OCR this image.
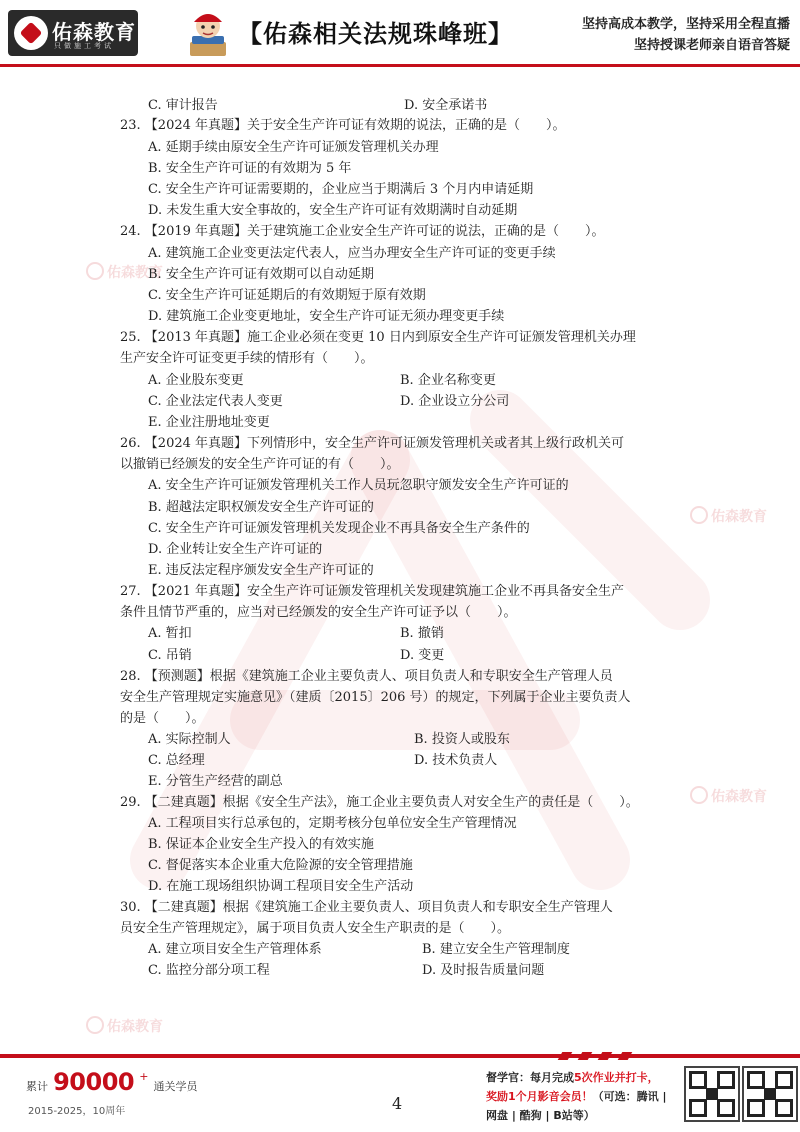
佑森教育
只做施工考试	【佑森相关法规珠峰班】	坚持高成本教学，坚持采用全程直播
坚持授课老师亲自语音答疑
佑森教育
佑森教育
佑森教育
佑森教育
C. 审计报告	D. 安全承诺书
23. 【2024 年真题】关于安全生产许可证有效期的说法，正确的是（　　）。
A. 延期手续由原安全生产许可证颁发管理机关办理
B. 安全生产许可证的有效期为 5 年
C. 安全生产许可证需要期的，企业应当于期满后 3 个月内申请延期
D. 未发生重大安全事故的，安全生产许可证有效期满时自动延期
24. 【2019 年真题】关于建筑施工企业安全生产许可证的说法，正确的是（　　）。
A. 建筑施工企业变更法定代表人，应当办理安全生产许可证的变更手续
B. 安全生产许可证有效期可以自动延期
C. 安全生产许可证延期后的有效期短于原有效期
D. 建筑施工企业变更地址，安全生产许可证无须办理变更手续
25. 【2013 年真题】施工企业必须在变更 10 日内到原安全生产许可证颁发管理机关办理
生产安全许可证变更手续的情形有（　　）。
A. 企业股东变更	B. 企业名称变更
C. 企业法定代表人变更	D. 企业设立分公司
E. 企业注册地址变更
26. 【2024 年真题】下列情形中，安全生产许可证颁发管理机关或者其上级行政机关可
以撤销已经颁发的安全生产许可证的有（　　）。
A. 安全生产许可证颁发管理机关工作人员玩忽职守颁发安全生产许可证的
B. 超越法定职权颁发安全生产许可证的
C. 安全生产许可证颁发管理机关发现企业不再具备安全生产条件的
D. 企业转让安全生产许可证的
E. 违反法定程序颁发安全生产许可证的
27. 【2021 年真题】安全生产许可证颁发管理机关发现建筑施工企业不再具备安全生产
条件且情节严重的，应当对已经颁发的安全生产许可证予以（　　）。
A. 暂扣	B. 撤销
C. 吊销	D. 变更
28. 【预测题】根据《建筑施工企业主要负责人、项目负责人和专职安全生产管理人员
安全生产管理规定实施意见》（建质〔2015〕206 号）的规定，下列属于企业主要负责人
的是（　　）。
A. 实际控制人	B. 投资人或股东
C. 总经理	D. 技术负责人
E. 分管生产经营的副总
29. 【二建真题】根据《安全生产法》，施工企业主要负责人对安全生产的责任是（　　）。
A. 工程项目实行总承包的，定期考核分包单位安全生产管理情况
B. 保证本企业安全生产投入的有效实施
C. 督促落实本企业重大危险源的安全管理措施
D. 在施工现场组织协调工程项目安全生产活动
30. 【二建真题】根据《建筑施工企业主要负责人、项目负责人和专职安全生产管理人
员安全生产管理规定》，属于项目负责人安全生产职责的是（　　）。
A. 建立项目安全生产管理体系	B. 建立安全生产管理制度
C. 监控分部分项工程	D. 及时报告质量问题
累计 90000 + 通关学员
2015-2025，10周年	4
督学官：每月完成5次作业并打卡，
奖励1个月影音会员！（可选：腾讯 |
网盘 | 酷狗 | B站等）
